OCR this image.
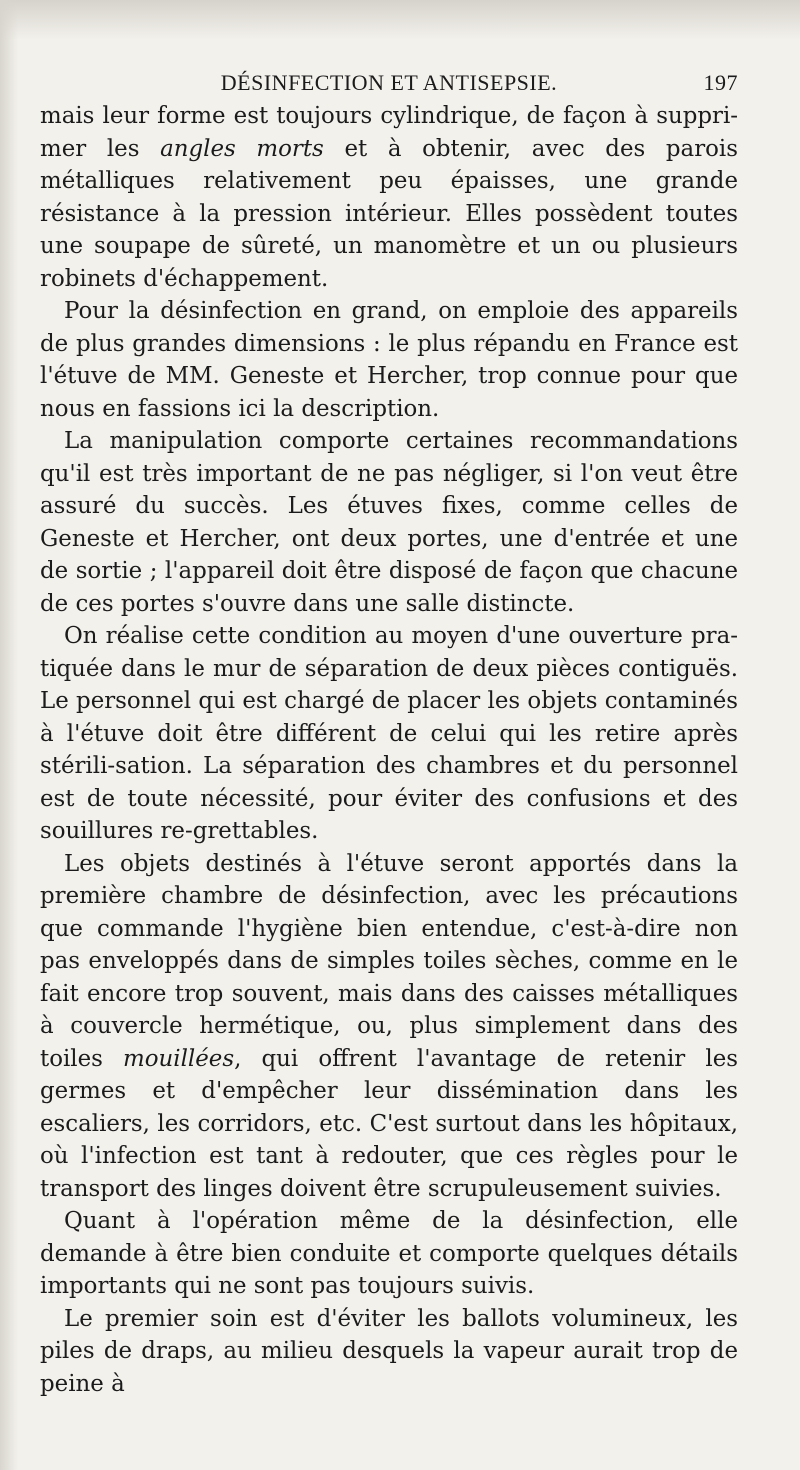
DÉSINFECTION ET ANTISEPSIE.	197

mais leur forme est toujours cylindrique, de façon à suppri-mer les angles morts et à obtenir, avec des parois métalliques relativement peu épaisses, une grande résistance à la pression intérieur. Elles possèdent toutes une soupape de sûreté, un manomètre et un ou plusieurs robinets d'échappement.

Pour la désinfection en grand, on emploie des appareils de plus grandes dimensions : le plus répandu en France est l'étuve de MM. Geneste et Hercher, trop connue pour que nous en fassions ici la description.

La manipulation comporte certaines recommandations qu'il est très important de ne pas négliger, si l'on veut être assuré du succès. Les étuves fixes, comme celles de Geneste et Hercher, ont deux portes, une d'entrée et une de sortie ; l'appareil doit être disposé de façon que chacune de ces portes s'ouvre dans une salle distincte.

On réalise cette condition au moyen d'une ouverture pra-tiquée dans le mur de séparation de deux pièces contiguës. Le personnel qui est chargé de placer les objets contaminés à l'étuve doit être différent de celui qui les retire après stérili-sation. La séparation des chambres et du personnel est de toute nécessité, pour éviter des confusions et des souillures re-grettables.

Les objets destinés à l'étuve seront apportés dans la première chambre de désinfection, avec les précautions que commande l'hygiène bien entendue, c'est-à-dire non pas enveloppés dans de simples toiles sèches, comme en le fait encore trop souvent, mais dans des caisses métalliques à couvercle hermétique, ou, plus simplement dans des toiles mouillées, qui offrent l'avantage de retenir les germes et d'empêcher leur dissémination dans les escaliers, les corridors, etc. C'est surtout dans les hôpitaux, où l'infection est tant à redouter, que ces règles pour le transport des linges doivent être scrupuleusement suivies.

Quant à l'opération même de la désinfection, elle demande à être bien conduite et comporte quelques détails importants qui ne sont pas toujours suivis.

Le premier soin est d'éviter les ballots volumineux, les piles de draps, au milieu desquels la vapeur aurait trop de peine à
